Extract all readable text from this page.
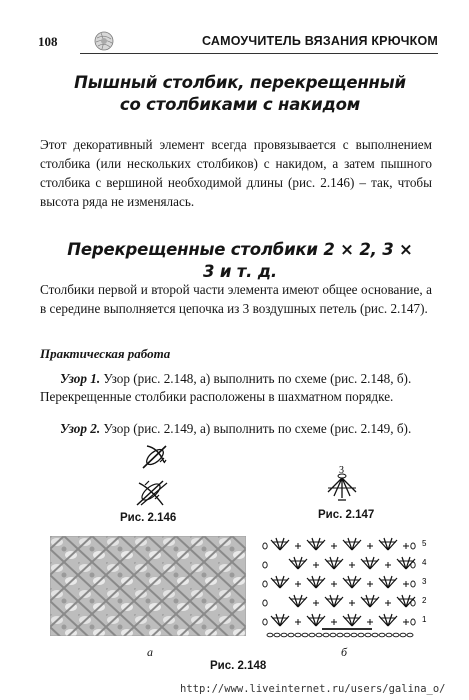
108	САМОУЧИТЕЛЬ ВЯЗАНИЯ КРЮЧКОМ
Пышный столбик, перекрещенный
со столбиками с накидом
Этот декоративный элемент всегда провязывается с выполнением столбика (или нескольких столбиков) с накидом, а затем пышного столбика с вершиной необходимой длины (рис. 2.146) – так, чтобы высота ряда не изменялась.
Перекрещенные столбики 2 × 2, 3 × 3 и т. д.
Столбики первой и второй части элемента имеют общее основание, а в середине выполняется цепочка из 3 воздушных петель (рис. 2.147).
Практическая работа
Узор 1. Узор (рис. 2.148, а) выполнить по схеме (рис. 2.148, б). Перекрещенные столбики расположены в шахматном порядке.
Узор 2. Узор (рис. 2.149, а) выполнить по схеме (рис. 2.149, б).
Рис. 2.146
3
Рис. 2.147
5
4
3
2
1
а	б
Рис. 2.148
http://www.liveinternet.ru/users/galina_o/
